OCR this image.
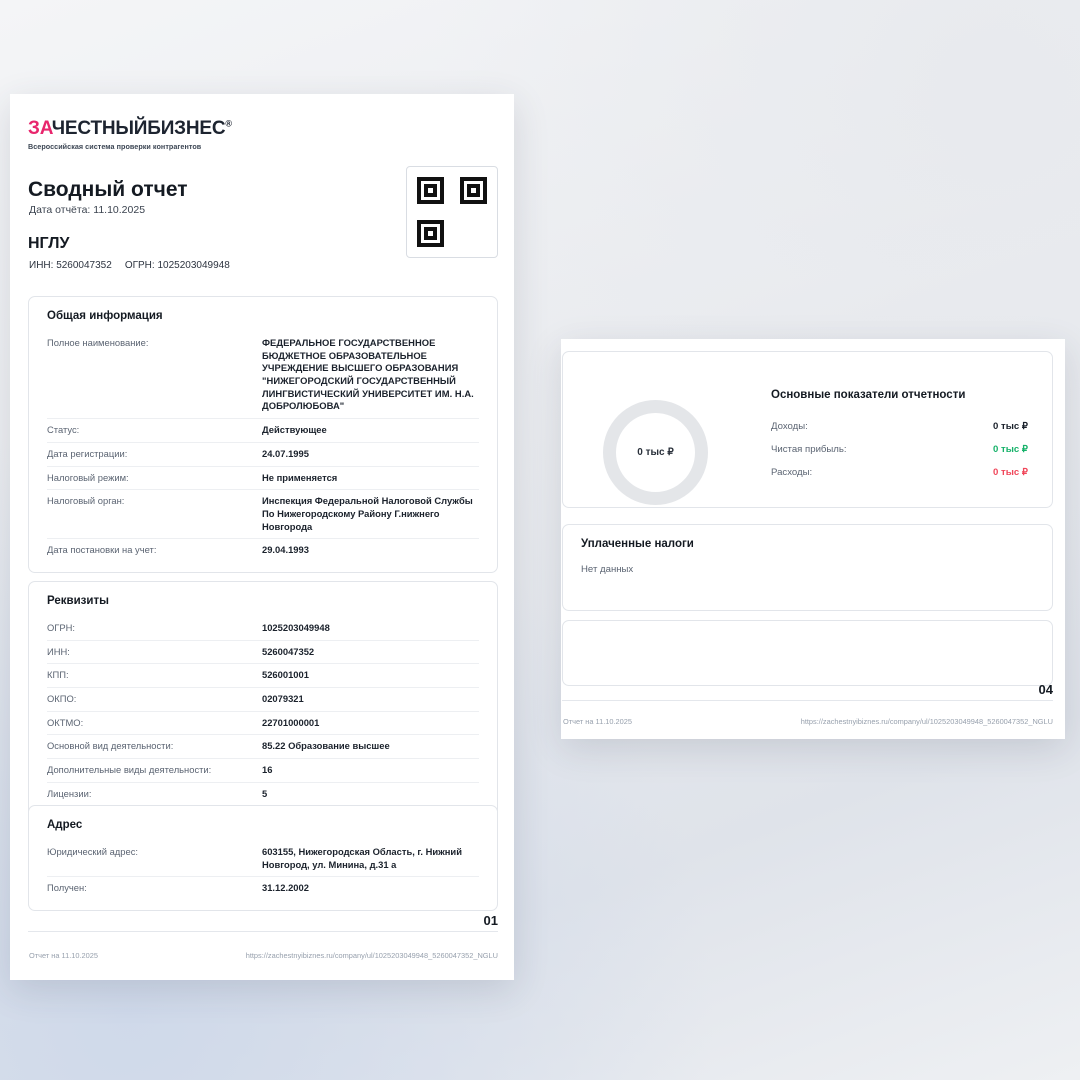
ЗАЧЕСТНЫЙБИЗНЕС®
Всероссийская система проверки контрагентов
Сводный отчет
Дата отчёта: 11.10.2025
НГЛУ
ИНН: 5260047352 ОГРН: 1025203049948
Общая информация
Полное наименование:	ФЕДЕРАЛЬНОЕ ГОСУДАРСТВЕННОЕ БЮДЖЕТНОЕ ОБРАЗОВАТЕЛЬНОЕ УЧРЕЖДЕНИЕ ВЫСШЕГО ОБРАЗОВАНИЯ "НИЖЕГОРОДСКИЙ ГОСУДАРСТВЕННЫЙ ЛИНГВИСТИЧЕСКИЙ УНИВЕРСИТЕТ ИМ. Н.А. ДОБРОЛЮБОВА"
Статус:	Действующее
Дата регистрации:	24.07.1995
Налоговый режим:	Не применяется
Налоговый орган:	Инспекция Федеральной Налоговой Службы По Нижегородскому Району Г.нижнего Новгорода
Дата постановки на учет:	29.04.1993
Реквизиты
ОГРН:	1025203049948
ИНН:	5260047352
КПП:	526001001
ОКПО:	02079321
ОКТМО:	22701000001
Основной вид деятельности:	85.22 Образование высшее
Дополнительные виды деятельности:	16
Лицензии:	5
Адрес
Юридический адрес:	603155, Нижегородская Область, г. Нижний Новгород, ул. Минина, д.31 а
Получен:	31.12.2002
01
Отчет на 11.10.2025	https://zachestnyibiznes.ru/company/ul/1025203049948_5260047352_NGLU
0 тыс ₽
Основные показатели отчетности
Доходы:	0 тыс ₽
Чистая прибыль:	0 тыс ₽
Расходы:	0 тыс ₽
Уплаченные налоги
Нет данных
04
Отчет на 11.10.2025	https://zachestnyibiznes.ru/company/ul/1025203049948_5260047352_NGLU
